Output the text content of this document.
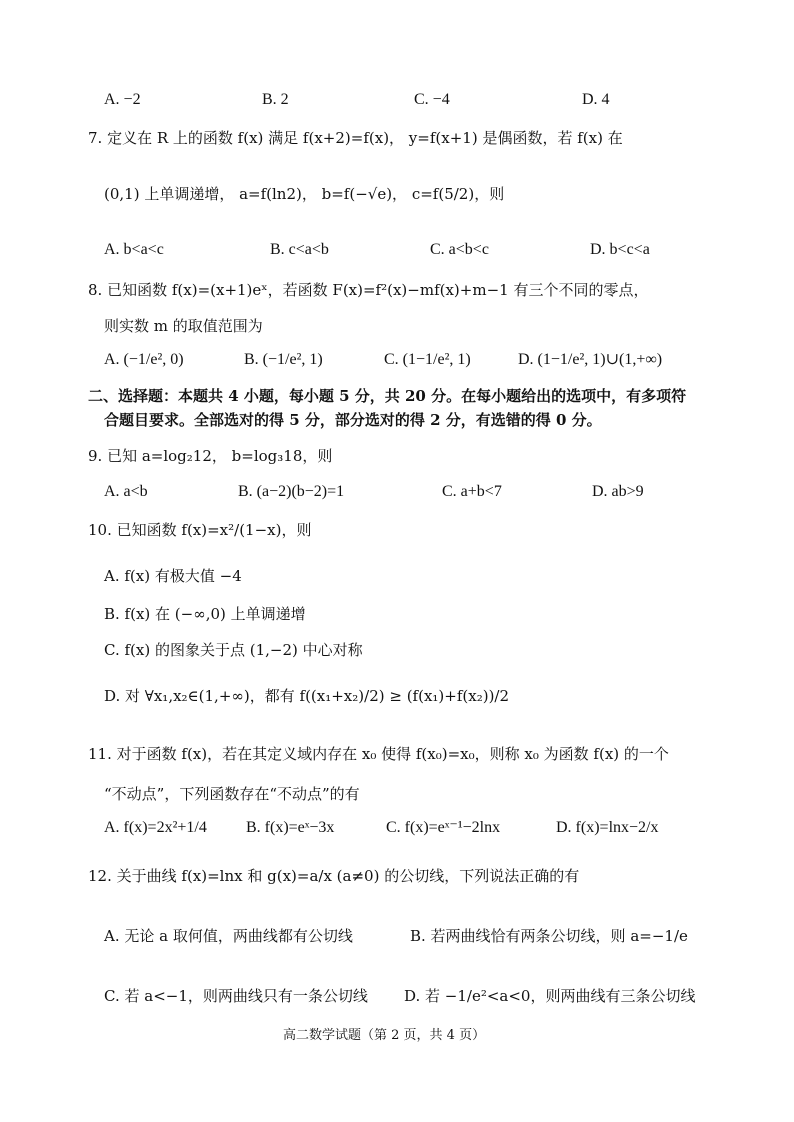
A. −2	B. 2	C. −4	D. 4
7. 定义在 R 上的函数 f(x) 满足 f(x+2)=f(x)， y=f(x+1) 是偶函数，若 f(x) 在
(0,1) 上单调递增， a=f(ln2)， b=f(−√e)， c=f(5/2)，则
A. b<a<c	B. c<a<b	C. a<b<c	D. b<c<a
8. 已知函数 f(x)=(x+1)eˣ，若函数 F(x)=f²(x)−mf(x)+m−1 有三个不同的零点，
则实数 m 的取值范围为
A. (−1/e², 0)	B. (−1/e², 1)	C. (1−1/e², 1)	D. (1−1/e², 1)∪(1,+∞)
二、选择题：本题共 4 小题，每小题 5 分，共 20 分。在每小题给出的选项中，有多项符
合题目要求。全部选对的得 5 分，部分选对的得 2 分，有选错的得 0 分。
9. 已知 a=log₂12， b=log₃18，则
A. a<b	B. (a−2)(b−2)=1	C. a+b<7	D. ab>9
10. 已知函数 f(x)=x²/(1−x)，则
A. f(x) 有极大值 −4
B. f(x) 在 (−∞,0) 上单调递增
C. f(x) 的图象关于点 (1,−2) 中心对称
D. 对 ∀x₁,x₂∈(1,+∞)，都有 f((x₁+x₂)/2) ≥ (f(x₁)+f(x₂))/2
11. 对于函数 f(x)，若在其定义域内存在 x₀ 使得 f(x₀)=x₀，则称 x₀ 为函数 f(x) 的一个
“不动点”，下列函数存在“不动点”的有
A. f(x)=2x²+1/4 B. f(x)=eˣ−3x	C. f(x)=eˣ⁻¹−2lnx	D. f(x)=lnx−2/x
12. 关于曲线 f(x)=lnx 和 g(x)=a/x (a≠0) 的公切线，下列说法正确的有
A. 无论 a 取何值，两曲线都有公切线	B. 若两曲线恰有两条公切线，则 a=−1/e
C. 若 a<−1，则两曲线只有一条公切线 D. 若 −1/e²<a<0，则两曲线有三条公切线
高二数学试题（第 2 页，共 4 页）
